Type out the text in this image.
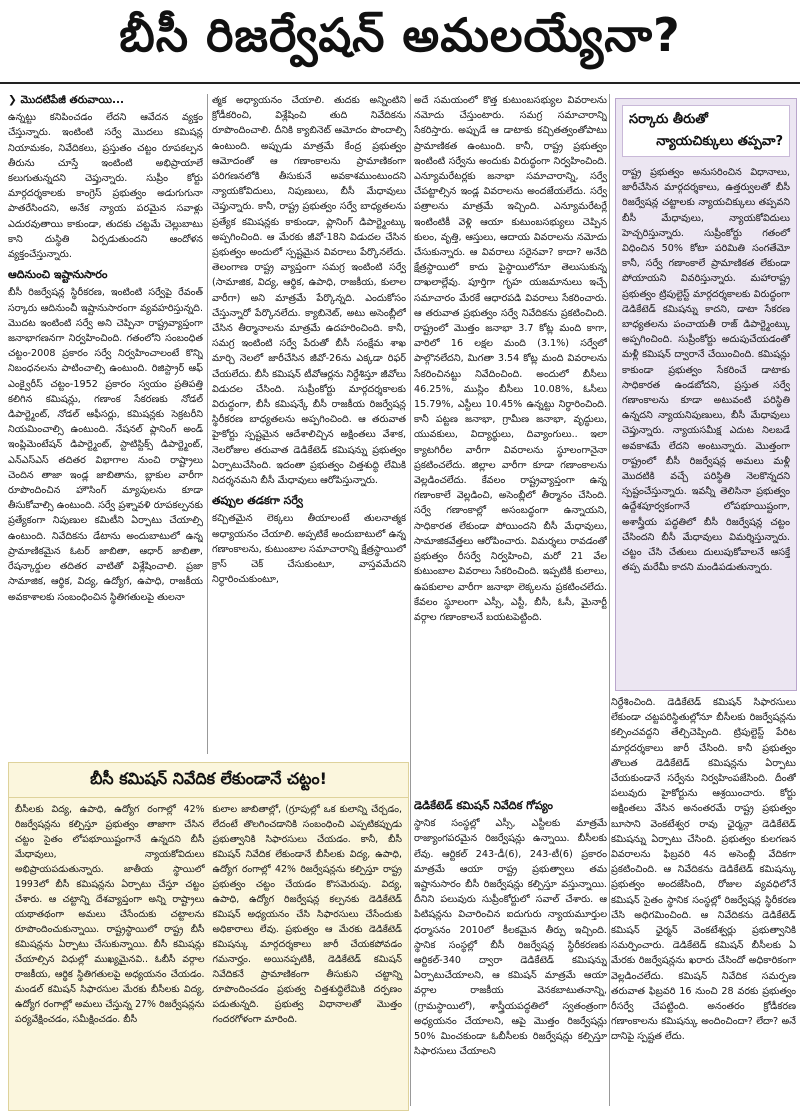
బీసీ రిజర్వేషన్ అమలయ్యేనా?
❯ మొదటిపేజీ తరువాయి...

ఉన్నట్టు కనిపించడం లేదని ఆవేదన వ్యక్తం చేస్తున్నారు. ఇంటింటి సర్వే మొదలు కమిషన్ల నియామకం, నివేదికలు, ప్రస్తుతం చట్టం రూపకల్పన తీరును చూస్తే ఇంటింటి అభిప్రాయాలే కలుగుతున్నదని చెప్తున్నారు. సుప్రీం కోర్టు మార్గదర్శకాలకు కాంగ్రెస్ ప్రభుత్వం అడుగుగునా పాతరేసిందని, అనేక న్యాయ పరమైన సవాళ్లు ఎదురవుతాయి కాకుండా, తుదకు చట్టమే చెల్లుబాటు కాని దుస్థితి ఏర్పడుతుందని ఆందోళన వ్యక్తంచేస్తున్నారు.

ఆదినుంచి ఇష్టానుసారం

బీసీ రిజర్వేషన్ల స్థిరీకరణ, ఇంటింటి సర్వేపై రేవంత్ సర్కారు ఆదినుంచీ ఇష్టానుసారంగా వ్యవహరిస్తున్నది. మొదట ఇంటింటి సర్వే అని చెప్పినా రాష్ట్రవ్యాప్తంగా జనాభాగణనగా నిర్వహించింది. గతంలోని సంబంధిత చట్టం-2008 ప్రకారం సర్వే నిర్వహించాలంటే కొన్ని నిబంధనలను పాటించాల్సి ఉంటుంది. రిజిస్ట్రార్ ఆఫ్ ఎంక్వైరీస్ చట్టం-1952 ప్రకారం స్వయం ప్రతిపత్తి కలిగిన కమిషన్లు, గణాంక సేకరణకు నోడల్ డిపార్ట్మెంట్, నోడల్ ఆఫీసర్లు, కమిషన్లకు సెక్రటరీని నియమించాల్సి ఉంటుంది. నేషనల్ ప్లానింగ్ అండ్ ఇంప్లిమెంటేషన్ డిపార్ట్మెంట్, స్టాటిస్టిక్స్ డిపార్ట్మెంట్, ఎన్ఎస్ఎస్ తదితర విభాగాల నుంచి రాష్ట్రాలు చెందిన తాజా ఇండ్ల జాబితాను, బ్లాకుల వారీగా రూపొందించిన హౌసింగ్ మ్యాపులను కూడా తీసుకోవాల్సి ఉంటుంది. సర్వే ప్రశ్నావళి రూపకల్పనకు ప్రత్యేకంగా నిపుణుల కమిటీని ఏర్పాటు చేయాల్సి ఉంటుంది. నివేదికను డేటాను అందుబాటులో ఉన్న ప్రామాణికమైన ఓటర్ జాబితా, ఆధార్ జాబితా, రేషన్కార్డుల తదితర వాటితో విశ్లేషించాలి. ప్రజా సామాజిక, ఆర్థిక, విద్య, ఉద్యోగ, ఉపాధి, రాజకీయ అవకాశాలకు సంబంధించిన స్థితిగతులపై తులనా

త్మక అధ్యాయనం చేయాలి. తుదకు అన్నింటిని క్రోడీకరించి, విశ్లేషించి తుది నివేదికను రూపొందించాలి. దీనికి క్యాబినెట్ ఆమోదం పొందాల్సి ఉంటుంది. అప్పుడు మాత్రమే కేంద్ర ప్రభుత్వం ఆమోదంతో ఆ గణాంకాలను ప్రామాణికంగా పరిగణనలోకి తీసుకునే అవకాశముంటుందని న్యాయకోవిదులు, నిపుణులు, బీసీ మేధావులు చెప్తున్నారు. కానీ, రాష్ట్ర ప్రభుత్వం సర్వే బాధ్యతలను ప్రత్యేక కమిషన్లకు కాకుండా, ప్లానింగ్ డిపార్ట్మెంట్కు అప్పగించింది. ఆ మేరకు జీవో-18ని విడుదల చేసిన ప్రభుత్వం అందులో స్పష్టమైన వివరాలు పేర్కొనలేదు. తెలంగాణ రాష్ట్ర వ్యాప్తంగా సమగ్ర ఇంటింటి సర్వే (సామాజిక, విద్య, ఆర్థిక, ఉపాధి, రాజకీయ, కులాల వారీగా) అని మాత్రమే పేర్కొన్నది. ఎందుకోసం చేస్తున్నారో పేర్కొనలేదు. క్యాబినెట్, అటు అసెంబ్లీలో చేసిన తీర్మానాలను మాత్రమే ఉదహరించింది. కానీ, సమగ్ర ఇంటింటి సర్వే పేరుతో బీసీ సంక్షేమ శాఖ మార్చి నెలలో జారీచేసిన జీవో-26ను ఎక్కడా రిఫర్ చేయలేదు. బీసీ కమిషన్ టీవోఆర్లను నిర్దేశిస్తూ జీవోలు విడుదల చేసింది. సుప్రీంకోర్టు మార్గదర్శకాలకు విరుద్ధంగా, బీసీ కమిషన్కే బీసీ రాజకీయ రిజర్వేషన్ల స్థిరీకరణ బాధ్యతలను అప్పగించింది. ఆ తరువాత హైకోర్టు స్పష్టమైన ఆదేశాలిచ్చిన అక్షింతలు వేశాక, నెలరోజుల తరువాత డెడికేటెడ్ కమిషన్ను ప్రభుత్వం ఏర్పాటుచేసింది. ఇదంతా ప్రభుత్వం చిత్తశుద్ధి లేమికి నిదర్శనమని బీసీ మేధావులు ఆరోపిస్తున్నారు.

తప్పుల తడకగా సర్వే

కచ్చితమైన లెక్కలు తీయాలంటే తులనాత్మక అధ్యాయనం చేయాలి. అప్పటికే అందుబాటులో ఉన్న గణాంకాలను, కుటుంబాల సమాచారాన్ని క్షేత్రస్థాయిలో క్రాస్ చెక్ చేసుకుంటూ, వాస్తవమేదని నిర్ధారించుకుంటూ,

అదే సమయంలో కొత్త కుటుంబసభ్యుల వివరాలను నమోదు చేస్తుంటారు. సమగ్ర సమాచారాన్ని సేకరిస్తారు. అప్పుడే ఆ డాటాకు కచ్చితత్వంతోపాటు ప్రామాణికత ఉంటుంది. కానీ, రాష్ట్ర ప్రభుత్వం ఇంటింటి సర్వేను అందుకు విరుద్ధంగా నిర్వహించింది. ఎన్యూమరేటర్లకు జనాభా సమాచారాన్ని, సర్వే చేపట్టాల్సిన ఇండ్ల వివరాలను అందజేయలేదు. సర్వే పత్రాలను మాత్రమే ఇచ్చింది. ఎన్యూమరేటర్లే ఇంటింటికీ వెళ్లి ఆయా కుటుంబసభ్యులు చెప్పిన కులం, వృత్తి, ఆస్తులు, ఆదాయ వివరాలను నమోదు చేసుకున్నారు. ఆ వివరాలు సరైనవా? కాదా? అనేది క్షేత్రస్థాయిలో కాదు పైస్థాయిలోనూ తెలుసుకున్న దాఖలాల్లేవు. పూర్తిగా గృహ యజమానులు ఇచ్చే సమాచారం మేరకే ఆధారపడి వివరాలు సేకరించారు. ఆ తరువాత ప్రభుత్వం సర్వే నివేదికను ప్రకటించింది. రాష్ట్రంలో మొత్తం జనాభా 3.7 కోట్ల మంది కాగా, వారిలో 16 లక్షల మంది (3.1%) సర్వేలో పాల్గొనలేదని, మిగతా 3.54 కోట్ల మంది వివరాలను సేకరించినట్టు నివేదించింది. అందులో బీసీలు 46.25%, ముస్లిం బీసీలు 10.08%, ఓసీలు 15.79%, ఎస్టీలు 10.45% ఉన్నట్టు నిర్ధారించింది. కానీ పట్టణ జనాభా, గ్రామీణ జనాభా, వృద్ధులు, యువకులు, విద్యార్థులు, దివ్యాంగులు.. ఇలా క్యాటగిరీల వారీగా వివరాలను స్థూలంగానైనా ప్రకటించలేదు. జిల్లాల వారీగా కూడా గణాంకాలను వెల్లడించలేదు. కేవలం రాష్ట్రవ్యాప్తంగా ఉన్న గణాంకాలే వెల్లడించి, అసెంబ్లీలో తీర్మానం చేసింది. సర్వే గణాంకాల్లో అసంబద్ధంగా ఉన్నాయని, సాధికారత లేకుండా పోయిందని బీసీ మేధావులు, సామాజికవేత్తలు ఆరోపించారు. విమర్శలు రావడంతో ప్రభుత్వం రీసర్వే నిర్వహించి, మరో 21 వేల కుటుంబాల వివరాలు సేకరించింది. ఇప్పటికీ కులాలు, ఉపకులాల వారీగా జనాభా లెక్కలను ప్రకటించలేదు. కేవలం స్థూలంగా ఎస్సీ, ఎస్టీ, బీసీ, ఓసీ, మైనార్టీ వర్గాల గణాంకాలనే బయటపెట్టింది.

డెడికేటెడ్ కమిషన్ నివేదిక గోప్యం

స్థానిక సంస్థల్లో ఎస్సీ, ఎస్టీలకు మాత్రమే రాజ్యాంగపరమైన రిజర్వేషన్లు ఉన్నాయి. బీసీలకు లేవు. ఆర్టికల్ 243-డీ(6), 243-టీ(6) ప్రకారం మాత్రమే ఆయా రాష్ట్ర ప్రభుత్వాలు తమ ఇష్టానుసారం బీసీ రిజర్వేషన్లు కల్పిస్తూ వస్తున్నాయి. దీనిని పలువురు సుప్రీంకోర్టులో సవాల్ చేశారు. ఆ పిటిషన్లను విచారించిన ఐదుగురు న్యాయమూర్తుల ధర్మాసనం 2010లో కీలకమైన తీర్పు ఇచ్చింది. స్థానిక సంస్థల్లో బీసీ రిజర్వేషన్ల స్థిరీకరణకు ఆర్టికల్-340 ద్వారా డెడికేటెడ్ కమిషన్ను ఏర్పాటుచేయాలని, ఆ కమిషన్ మాత్రమే ఆయా వర్గాల రాజకీయ వెనకబాటుతనాన్ని, (గ్రామస్థాయిలో), శాస్త్రీయపద్ధతిలో స్వతంత్రంగా అధ్యయనం చేయాలని, ఆపై మొత్తం రిజర్వేషన్లు 50% మించకుండా ఓబీసీలకు రిజర్వేషన్లు కల్పిస్తూ సిఫారసులు చేయాలని

సర్కారు తీరుతో
న్యాయచిక్కులు తప్పవా?
రాష్ట్ర ప్రభుత్వం అనుసరించిన విధానాలు, జారీచేసిన మార్గదర్శకాలు, ఉత్తర్వులతో బీసీ రిజర్వేషన్ల చట్టాలకు న్యాయచిక్కులు తప్పవని బీసీ మేధావులు, న్యాయకోవిదులు హెచ్చరిస్తున్నారు. సుప్రీంకోర్టు గతంలో విధించిన 50% కోటా పరిమితి సంగతేమో కానీ, సర్వే గణాంకాలే ప్రామాణికత లేకుండా పోయాయని వివరిస్తున్నారు. మహారాష్ట్ర ప్రభుత్వం ట్రిపుల్టెస్ట్ మార్గదర్శకాలకు విరుద్ధంగా డెడికేటెడ్ కమిషన్ను కాదని, డాటా సేకరణ బాధ్యతలను పంచాయతీ రాజ్ డిపార్ట్మెంట్కు అప్పగించింది. సుప్రీంకోర్టు అదుపుచేయడంతో మళ్లీ కమిషన్ ద్వారానే చేయించింది. కమిషన్లు కాకుండా ప్రభుత్వం సేకరించే డాటాకు సాధికారత ఉండబోదని, ప్రస్తుత సర్వే గణాంకాలను కూడా అటువంటి పరిస్థితి ఉన్నదని న్యాయనిపుణులు, బీసీ మేధావులు చెప్తున్నారు. న్యాయసమీక్ష ఎదుట నిలబడే అవకాశమే లేదని అంటున్నారు. మొత్తంగా రాష్ట్రంలో బీసీ రిజర్వేషన్ల అమలు మళ్లీ మొదటికి వచ్చే పరిస్థితి నెలకొన్నదని స్పష్టంచేస్తున్నారు. ఇవన్నీ తెలిసినా ప్రభుత్వం ఉద్దేశపూర్వకంగానే లోపభూయిష్టంగా, అశాస్త్రీయ పద్ధతిలో బీసీ రిజర్వేషన్ల చట్టం చేసిందని బీసీ మేధావులు విమర్శిస్తున్నారు. చట్టం చేసి చేతులు దులుపుకోవాలనే ఆసక్తే తప్ప మరేమీ కాదని మండిపడుతున్నారు.

నిర్దేశించింది. డెడికేటెడ్ కమిషన్ సిఫారసులు లేకుండా చట్టపరిస్థితుల్లోనూ బీసీలకు రిజర్వేషన్లను కల్పించవద్దని తేల్చిచెప్పింది. ట్రిపుల్టెస్ట్ పేరిట మార్గదర్శకాలు జారీ చేసింది. కానీ ప్రభుత్వం తొలుత డెడికేటెడ్ కమిషన్లను ఏర్పాటు చేయకుండానే సర్వేను నిర్వహింపజేసింది. దీంతో పలువురు హైకోర్టును ఆశ్రయించారు. కోర్టు అక్షింతలు వేసిన అనంతరమే రాష్ట్ర ప్రభుత్వం బూసాని వెంకటేశ్వర రావు ఛైర్మన్గా డెడికేటెడ్ కమిషన్ను ఏర్పాటు చేసింది. ప్రభుత్వం కులగణన వివరాలను ఫిబ్రవరి 4న అసెంబ్లీ వేదికగా ప్రకటించింది. ఆ నివేదికను డెడికేటెడ్ కమిషన్కు ప్రభుత్వం అందజేసింది, రోజుల వ్యవధిలోనే కమిషన్ సైతం స్థానిక సంస్థల్లో రిజర్వేషన్ల స్థిరీకరణ చేసి అధిగమించింది. ఆ నివేదికను డెడికేటెడ్ కమిషన్ ఛైర్మన్ వెంకటేశ్వర్లు ప్రభుత్వానికి సమర్పించారు. డెడికేటెడ్ కమిషన్ బీసీలకు ఏ మేరకు రిజర్వేషన్లను ఖరారు చేసిందో అధికారికంగా వెల్లడించలేదు. కమిషన్ నివేదిక సమర్పణ తరువాత ఫిబ్రవరి 16 నుంచి 28 వరకు ప్రభుత్వం రీసర్వే చేపట్టింది. అనంతరం క్రోడీకరణ గణాంకాలను కమిషన్కు అందించిందా? లేదా? అనే దానిపై స్పష్టత లేదు.

బీసీ కమిషన్ నివేదిక లేకుండానే చట్టం!
బీసీలకు విద్య, ఉపాధి, ఉద్యోగ రంగాల్లో 42% రిజర్వేషన్లను కల్పిస్తూ ప్రభుత్వం తాజాగా చేసిన చట్టం సైతం లోపభూయిష్టంగానే ఉన్నదని బీసీ మేధావులు, న్యాయకోవిదులు అభిప్రాయపడుతున్నారు. జాతీయ స్థాయిలో 1993లో బీసీ కమిషన్లను ఏర్పాటు చేస్తూ చట్టం చేశారు. ఆ చట్టాన్ని దేశవ్యాప్తంగా అన్ని రాష్ట్రాలు యథాతథంగా అమలు చేసేందుకు చట్టాలను రూపొందించుకున్నాయి. రాష్ట్రస్థాయిలో రాష్ట్ర బీసీ కమిషన్లను ఏర్పాటు చేసుకున్నాయి. బీసీ కమిషన్లు చేయాల్సిన విధుల్లో ముఖ్యమైనవి.. ఓబీసీ వర్గాల రాజకీయ, ఆర్థిక స్థితిగతులపై అధ్యయనం చేయడం. మండల్ కమిషన్ సిఫారసుల మేరకు బీసీలకు విద్య, ఉద్యోగ రంగాల్లో అమలు చేస్తున్న 27% రిజర్వేషన్లను పర్యవేక్షించడం, సమీక్షించడం. బీసీ
కులాల జాబితాల్లో, (గ్రూపుల్లో ఒక కులాన్ని చేర్చడం, లేదంటే తొలగించడానికి సంబంధించి ఎప్పటికప్పుడు ప్రభుత్వానికి సిఫారసులు చేయడం. కానీ, బీసీ కమిషన్ నివేదిక లేకుండానే బీసీలకు విద్య, ఉపాధి, ఉద్యోగ రంగాల్లో 42% రిజర్వేషన్లను కల్పిస్తూ రాష్ట్ర ప్రభుత్వం చట్టం చేయడం కొసమెరుపు. విద్య, ఉపాధి, ఉద్యోగ రిజర్వేషన్ల కల్పనకు డెడికేటెడ్ కమిషన్ అధ్యయనం చేసి సిఫారసులు చేసేందుకు అధికారాలు లేవు. ప్రభుత్వం ఆ మేరకు డెడికేటెడ్ కమిషన్కు మార్గదర్శకాలు జారీ చేయకపోవడం గమనార్హం. అయినప్పటికీ, డెడికేటెడ్ కమిషన్ నివేదికనే ప్రామాణికంగా తీసుకుని చట్టాన్ని రూపొందించడం ప్రభుత్వ చిత్తశుద్ధిలేమికి దర్పణం పడుతున్నది. ప్రభుత్వ విధానాలతో మొత్తం గందరగోళంగా మారింది.
